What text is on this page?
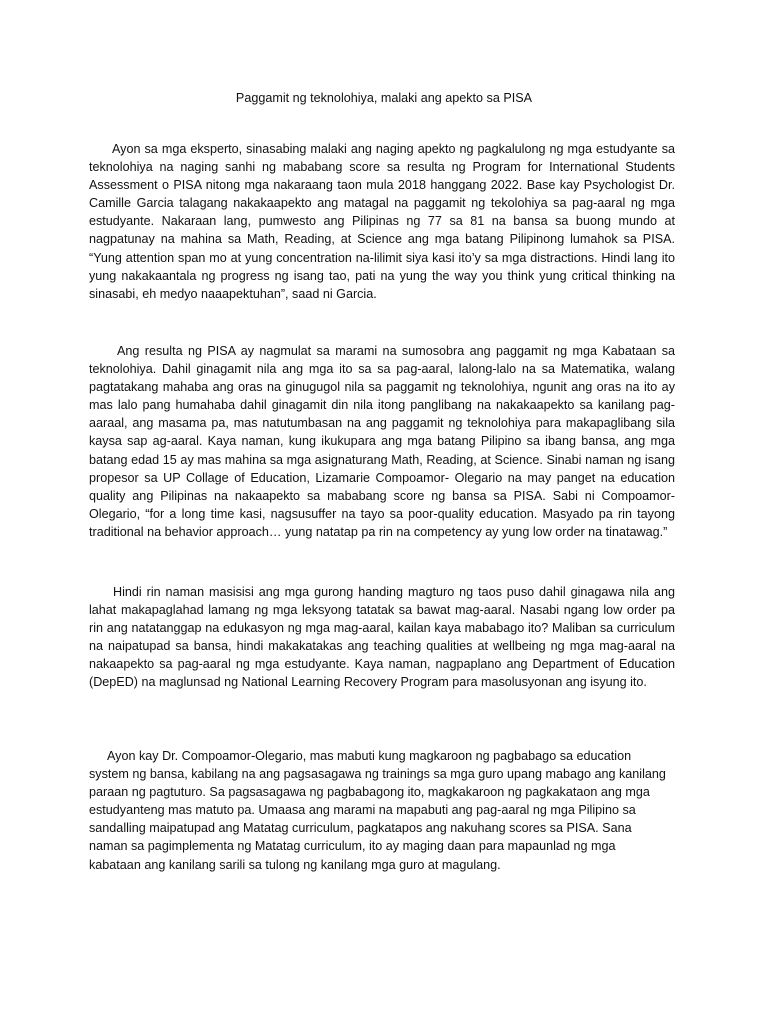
Paggamit ng teknolohiya, malaki ang apekto sa PISA

Ayon sa mga eksperto, sinasabing malaki ang naging apekto ng pagkalulong ng mga estudyante sa teknolohiya na naging sanhi ng mababang score sa resulta ng Program for International Students Assessment o PISA nitong mga nakaraang taon mula 2018 hanggang 2022. Base kay Psychologist Dr. Camille Garcia talagang nakakaapekto ang matagal na paggamit ng tekolohiya sa pag-aaral ng mga estudyante. Nakaraan lang, pumwesto ang Pilipinas ng 77 sa 81 na bansa sa buong mundo at nagpatunay na mahina sa Math, Reading, at Science ang mga batang Pilipinong lumahok sa PISA. “Yung attention span mo at yung concentration na-lilimit siya kasi ito’y sa mga distractions. Hindi lang ito yung nakakaantala ng progress ng isang tao, pati na yung the way you think yung critical thinking na sinasabi, eh medyo naaapektuhan”, saad ni Garcia.

Ang resulta ng PISA ay nagmulat sa marami na sumosobra ang paggamit ng mga Kabataan sa teknolohiya. Dahil ginagamit nila ang mga ito sa sa pag-aaral, lalong-lalo na sa Matematika, walang pagtatakang mahaba ang oras na ginugugol nila sa paggamit ng teknolohiya, ngunit ang oras na ito ay mas lalo pang humahaba dahil ginagamit din nila itong panglibang na nakakaapekto sa kanilang pag-aaraal, ang masama pa, mas natutumbasan na ang paggamit ng teknolohiya para makapaglibang sila kaysa sap ag-aaral. Kaya naman, kung ikukupara ang mga batang Pilipino sa ibang bansa, ang mga batang edad 15 ay mas mahina sa mga asignaturang Math, Reading, at Science. Sinabi naman ng isang propesor sa UP Collage of Education, Lizamarie Compoamor- Olegario na may panget na education quality ang Pilipinas na nakaapekto sa mababang score ng bansa sa PISA. Sabi ni Compoamor-Olegario, “for a long time kasi, nagsusuffer na tayo sa poor-quality education. Masyado pa rin tayong traditional na behavior approach… yung natatap pa rin na competency ay yung low order na tinatawag.”

Hindi rin naman masisisi ang mga gurong handing magturo ng taos puso dahil ginagawa nila ang lahat makapaglahad lamang ng mga leksyong tatatak sa bawat mag-aaral. Nasabi ngang low order pa rin ang natatanggap na edukasyon ng mga mag-aaral, kailan kaya mababago ito? Maliban sa curriculum na naipatupad sa bansa, hindi makakatakas ang teaching qualities at wellbeing ng mga mag-aaral na nakaapekto sa pag-aaral ng mga estudyante. Kaya naman, nagpaplano ang Department of Education (DepED) na maglunsad ng National Learning Recovery Program para masolusyonan ang isyung ito.

Ayon kay Dr. Compoamor-Olegario, mas mabuti kung magkaroon ng pagbabago sa education system ng bansa, kabilang na ang pagsasagawa ng trainings sa mga guro upang mabago ang kanilang paraan ng pagtuturo. Sa pagsasagawa ng pagbabagong ito, magkakaroon ng pagkakataon ang mga estudyanteng mas matuto pa. Umaasa ang marami na mapabuti ang pag-aaral ng mga Pilipino sa sandalling maipatupad ang Matatag curriculum, pagkatapos ang nakuhang scores sa PISA. Sana naman sa pagimplementa ng Matatag curriculum, ito ay maging daan para mapaunlad ng mga kabataan ang kanilang sarili sa tulong ng kanilang mga guro at magulang.
